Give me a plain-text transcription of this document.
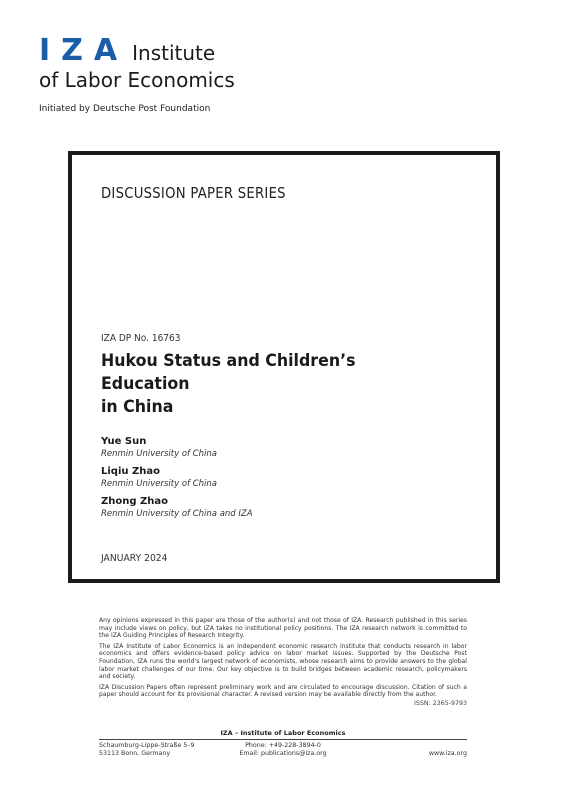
IZA Institute
of Labor Economics
Initiated by Deutsche Post Foundation
DISCUSSION PAPER SERIES
IZA DP No. 16763
Hukou Status and Children’s Education
in China
Yue Sun
Renmin University of China
Liqiu Zhao
Renmin University of China
Zhong Zhao
Renmin University of China and IZA
JANUARY 2024

Any opinions expressed in this paper are those of the author(s) and not those of IZA. Research published in this series may include views on policy, but IZA takes no institutional policy positions. The IZA research network is committed to the IZA Guiding Principles of Research Integrity.

The IZA Institute of Labor Economics is an independent economic research institute that conducts research in labor economics and offers evidence-based policy advice on labor market issues. Supported by the Deutsche Post Foundation, IZA runs the world’s largest network of economists, whose research aims to provide answers to the global labor market challenges of our time. Our key objective is to build bridges between academic research, policymakers and society.

IZA Discussion Papers often represent preliminary work and are circulated to encourage discussion. Citation of such a paper should account for its provisional character. A revised version may be available directly from the author.

ISSN: 2365-9793
IZA – Institute of Labor Economics
Schaumburg-Lippe-Straße 5–9
53113 Bonn, Germany
Phone: +49-228-3894-0
Email: publications@iza.org	www.iza.org
